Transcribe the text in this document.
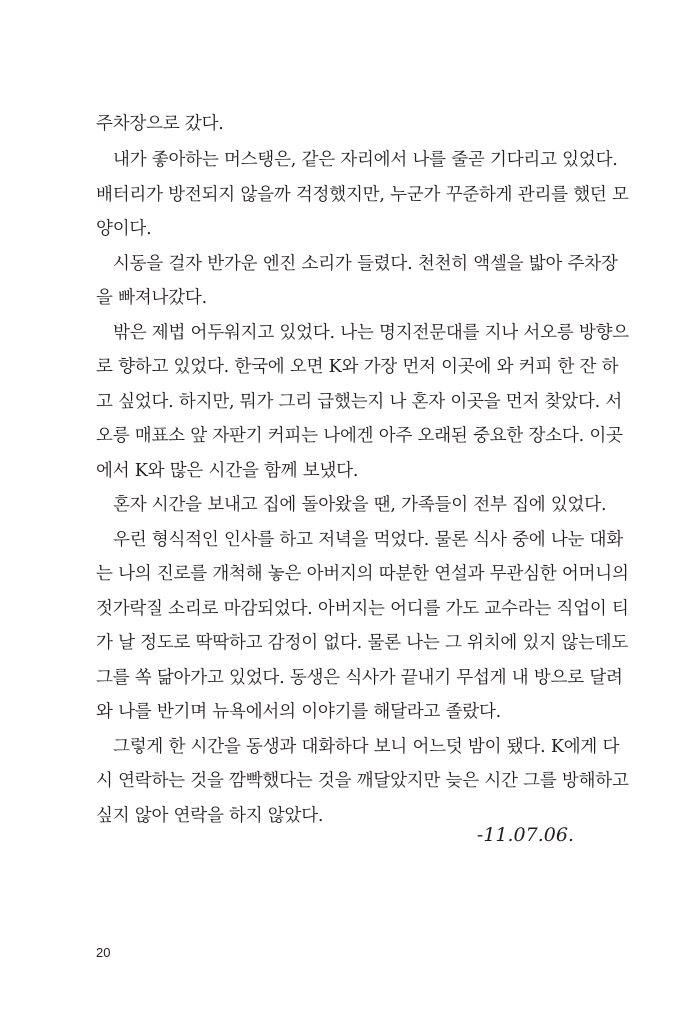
주차장으로 갔다.
내가 좋아하는 머스탱은, 같은 자리에서 나를 줄곧 기다리고 있었다.
배터리가 방전되지 않을까 걱정했지만, 누군가 꾸준하게 관리를 했던 모
양이다.
시동을 걸자 반가운 엔진 소리가 들렸다. 천천히 액셀을 밟아 주차장
을 빠져나갔다.
밖은 제법 어두워지고 있었다. 나는 명지전문대를 지나 서오릉 방향으
로 향하고 있었다. 한국에 오면 K와 가장 먼저 이곳에 와 커피 한 잔 하
고 싶었다. 하지만, 뭐가 그리 급했는지 나 혼자 이곳을 먼저 찾았다. 서
오릉 매표소 앞 자판기 커피는 나에겐 아주 오래된 중요한 장소다. 이곳
에서 K와 많은 시간을 함께 보냈다.
혼자 시간을 보내고 집에 돌아왔을 땐, 가족들이 전부 집에 있었다.
우린 형식적인 인사를 하고 저녁을 먹었다. 물론 식사 중에 나눈 대화
는 나의 진로를 개척해 놓은 아버지의 따분한 연설과 무관심한 어머니의
젓가락질 소리로 마감되었다. 아버지는 어디를 가도 교수라는 직업이 티
가 날 정도로 딱딱하고 감정이 없다. 물론 나는 그 위치에 있지 않는데도
그를 쏙 닮아가고 있었다. 동생은 식사가 끝내기 무섭게 내 방으로 달려
와 나를 반기며 뉴욕에서의 이야기를 해달라고 졸랐다.
그렇게 한 시간을 동생과 대화하다 보니 어느덧 밤이 됐다. K에게 다
시 연락하는 것을 깜빡했다는 것을 깨달았지만 늦은 시간 그를 방해하고
싶지 않아 연락을 하지 않았다.
-11.07.06.
20
